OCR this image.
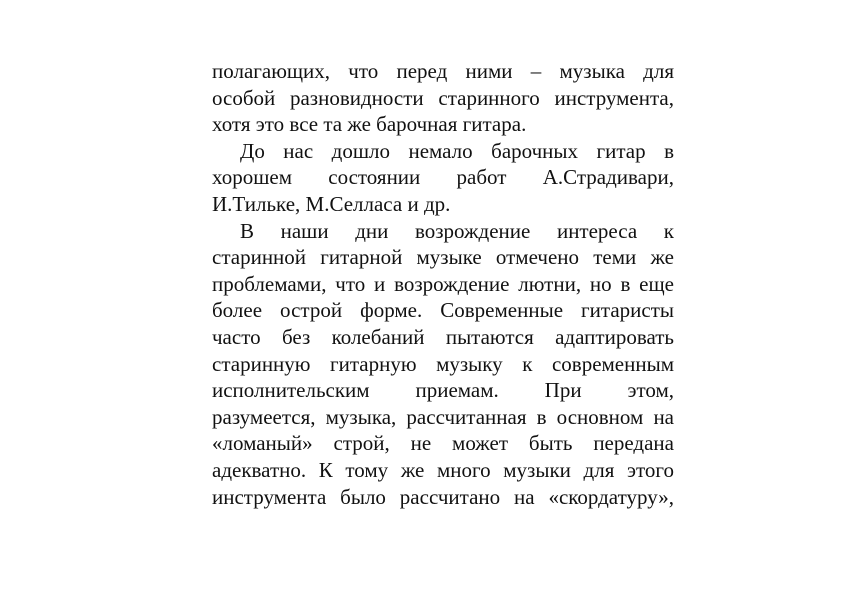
полагающих, что перед ними – музыка для
особой разновидности старинного инструмента,
хотя это все та же барочная гитара.
До нас дошло немало барочных гитар в
хорошем состоянии работ А.Страдивари,
И.Тильке, М.Селласа и др.
В наши дни возрождение интереса к
старинной гитарной музыке отмечено теми же
проблемами, что и возрождение лютни, но в еще
более острой форме. Современные гитаристы
часто без колебаний пытаются адаптировать
старинную гитарную музыку к современным
исполнительским приемам. При этом,
разумеется, музыка, рассчитанная в основном на
«ломаный» строй, не может быть передана
адекватно. К тому же много музыки для этого
инструмента было рассчитано на «скордатуру»,
